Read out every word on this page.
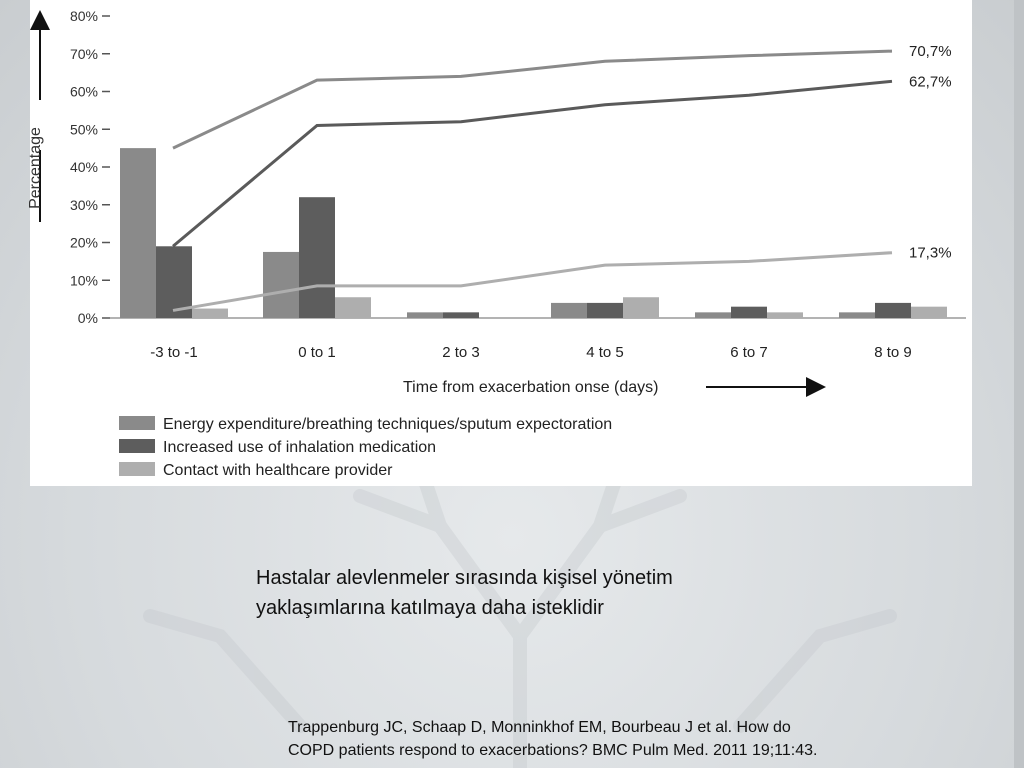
Percentage
0%
10%
20%
30%
40%
50%
60%
70%
80%
70,7%
62,7%
17,3%
-3 to -1	0 to 1	2 to 3	4 to 5	6 to 7	8 to 9
Time from exacerbation onse (days)
Energy expenditure/breathing techniques/sputum expectoration
Increased use of inhalation medication
Contact with healthcare provider
Hastalar alevlenmeler sırasında kişisel yönetim
yaklaşımlarına katılmaya daha isteklidir
Trappenburg JC, Schaap D, Monninkhof EM, Bourbeau J et al. How do
COPD patients respond to exacerbations? BMC Pulm Med. 2011 19;11:43.
